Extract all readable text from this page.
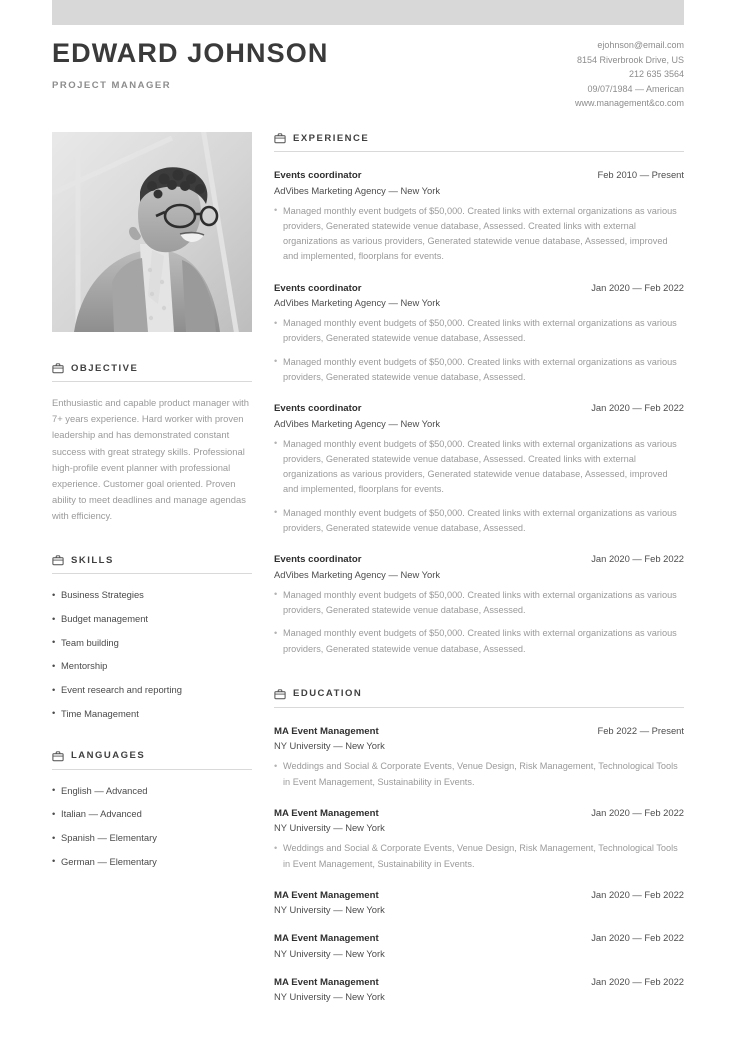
EDWARD JOHNSON
PROJECT MANAGER
ejohnson@email.com
8154 Riverbrook Drive, US
212 635 3564
09/07/1984 — American
www.management&co.com
OBJECTIVE

Enthusiastic and capable product manager with 7+ years experience. Hard worker with proven leadership and has demonstrated constant success with great strategy skills. Professional high-profile event planner with professional experience. Customer goal oriented. Proven ability to meet deadlines and manage agendas with efficiency.

SKILLS
• Business Strategies
• Budget management
• Team building
• Mentorship
• Event research and reporting
• Time Management
LANGUAGES
• English — Advanced
• Italian — Advanced
• Spanish — Elementary
• German — Elementary
EXPERIENCE
Events coordinator	Feb 2010 — Present
AdVibes Marketing Agency — New York
• Managed monthly event budgets of $50,000. Created links with external organizations as various providers, Generated statewide venue database, Assessed. Created links with external organizations as various providers, Generated statewide venue database, Assessed, improved and implemented, floorplans for events.
Events coordinator	Jan 2020 — Feb 2022
AdVibes Marketing Agency — New York
• Managed monthly event budgets of $50,000. Created links with external organizations as various providers, Generated statewide venue database, Assessed.
• Managed monthly event budgets of $50,000. Created links with external organizations as various providers, Generated statewide venue database, Assessed.
Events coordinator	Jan 2020 — Feb 2022
AdVibes Marketing Agency — New York
• Managed monthly event budgets of $50,000. Created links with external organizations as various providers, Generated statewide venue database, Assessed. Created links with external organizations as various providers, Generated statewide venue database, Assessed, improved and implemented, floorplans for events.
• Managed monthly event budgets of $50,000. Created links with external organizations as various providers, Generated statewide venue database, Assessed.
Events coordinator	Jan 2020 — Feb 2022
AdVibes Marketing Agency — New York
• Managed monthly event budgets of $50,000. Created links with external organizations as various providers, Generated statewide venue database, Assessed.
• Managed monthly event budgets of $50,000. Created links with external organizations as various providers, Generated statewide venue database, Assessed.
EDUCATION
MA Event Management	Feb 2022 — Present
NY University — New York
• Weddings and Social & Corporate Events, Venue Design, Risk Management, Technological Tools in Event Management, Sustainability in Events.
MA Event Management	Jan 2020 — Feb 2022
NY University — New York
• Weddings and Social & Corporate Events, Venue Design, Risk Management, Technological Tools in Event Management, Sustainability in Events.
MA Event Management	Jan 2020 — Feb 2022
NY University — New York
MA Event Management	Jan 2020 — Feb 2022
NY University — New York
MA Event Management	Jan 2020 — Feb 2022
NY University — New York
